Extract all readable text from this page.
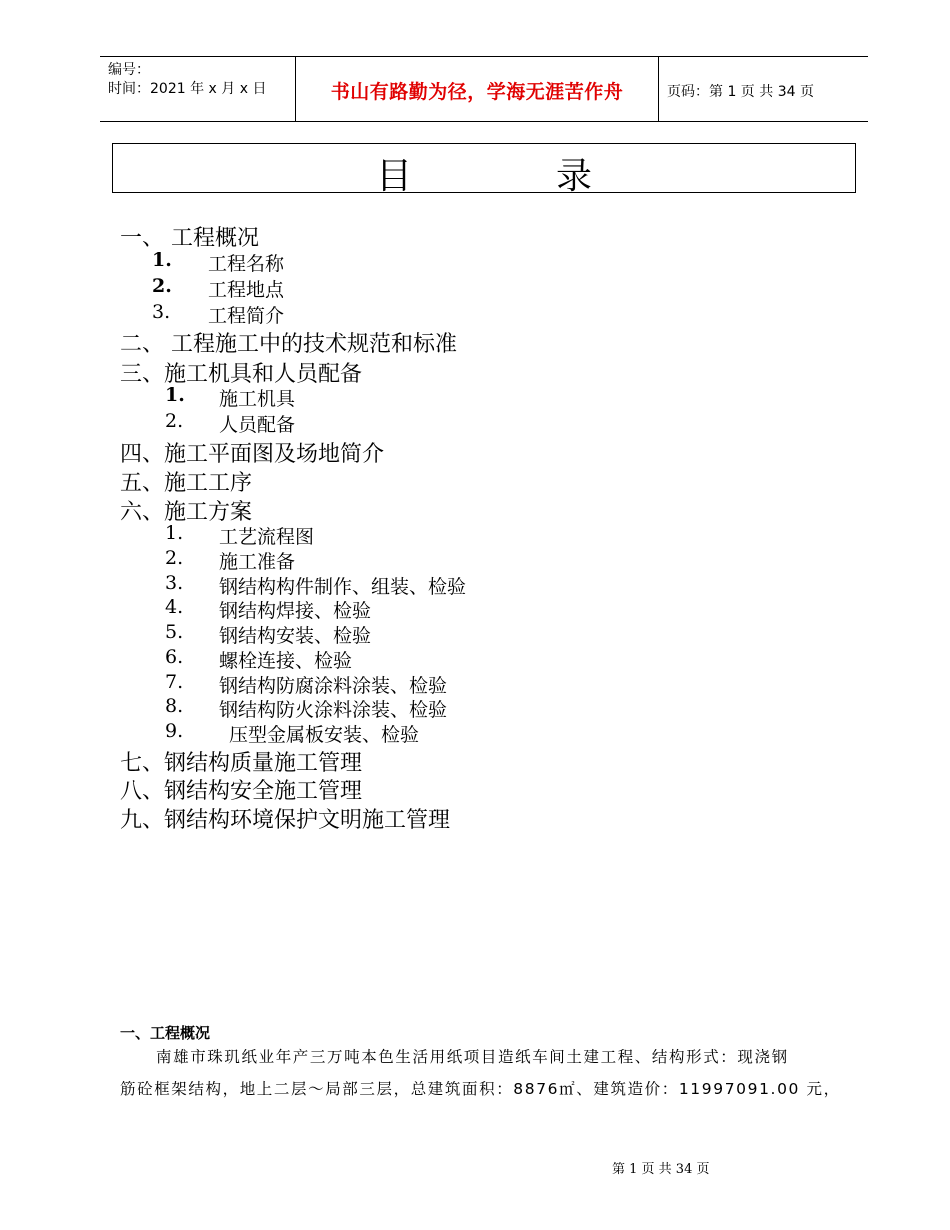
编号：
时间：2021 年 x 月 x 日	书山有路勤为径，学海无涯苦作舟	页码：第 1 页 共 34 页
目	录
一、 工程概况
1. 工程名称
2. 工程地点
3. 工程简介
二、 工程施工中的技术规范和标准
三、施工机具和人员配备
1. 施工机具
2. 人员配备
四、施工平面图及场地简介
五、施工工序
六、施工方案
1. 工艺流程图
2. 施工准备
3. 钢结构构件制作、组装、检验
4. 钢结构焊接、检验
5. 钢结构安装、检验
6. 螺栓连接、检验
7. 钢结构防腐涂料涂装、检验
8. 钢结构防火涂料涂装、检验
9. 压型金属板安装、检验
七、钢结构质量施工管理
八、钢结构安全施工管理
九、钢结构环境保护文明施工管理
一、工程概况
南雄市珠玑纸业年产三万吨本色生活用纸项目造纸车间土建工程、结构形式：现浇钢
筋砼框架结构，地上二层～局部三层，总建筑面积：8876㎡、建筑造价：11997091.00 元，
第 1 页 共 34 页
